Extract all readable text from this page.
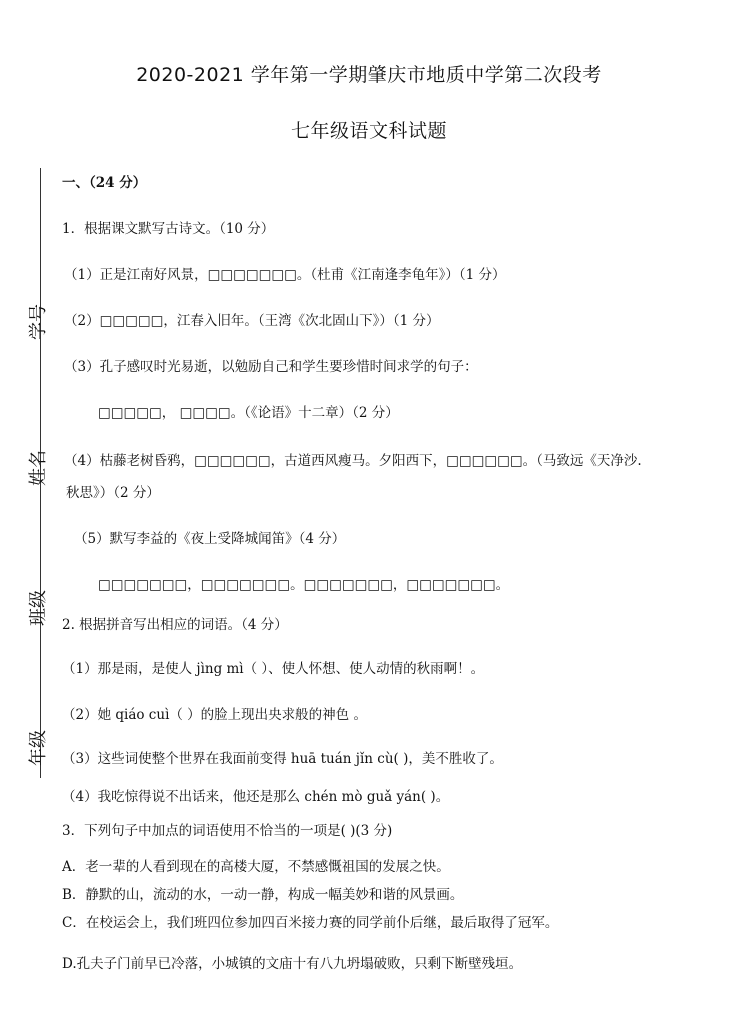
2020-2021 学年第一学期肇庆市地质中学第二次段考
七年级语文科试题
学号
姓名
班级
年级
一、（24 分）
1．根据课文默写古诗文。（10 分）
（1）正是江南好风景，□□□□□□□。（杜甫《江南逢李龟年》）（1 分）
（2）□□□□□，江春入旧年。（王湾《次北固山下》）（1 分）
（3）孔子感叹时光易逝，以勉励自己和学生要珍惜时间求学的句子：
□□□□□， □□□□。（《论语》十二章）（2 分）
（4）枯藤老树昏鸦，□□□□□□，古道西风瘦马。夕阳西下，□□□□□□。（马致远《天净沙.
秋思》）（2 分）
（5）默写李益的《夜上受降城闻笛》（4 分）
□□□□□□□，□□□□□□□。□□□□□□□，□□□□□□□。
2. 根据拼音写出相应的词语。（4 分）
（1）那是雨，是使人 jìng mì（ ）、使人怀想、使人动情的秋雨啊！。
（2）她 qiáo cuì（ ）的脸上现出央求般的神色 。
（3）这些词使整个世界在我面前变得 huā tuán jǐn cù( )，美不胜收了。
（4）我吃惊得说不出话来，他还是那么 chén mò guǎ yán( )。
3．下列句子中加点的词语使用不恰当的一项是( )(3 分)
A．老一辈的人看到现在的高楼大厦，不禁感慨祖国的发展之快。
B．静默的山，流动的水，一动一静，构成一幅美妙和谐的风景画。
C．在校运会上，我们班四位参加四百米接力赛的同学前仆后继，最后取得了冠军。
D.孔夫子门前早已冷落，小城镇的文庙十有八九坍塌破败，只剩下断壁残垣。
